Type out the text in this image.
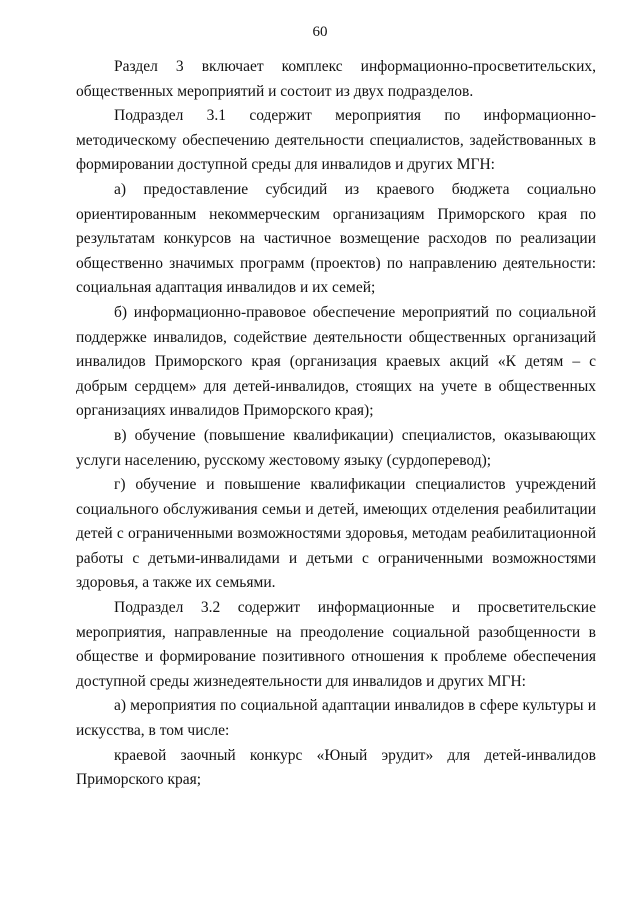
60

Раздел 3 включает комплекс информационно-просветительских, общественных мероприятий и состоит из двух подразделов.

Подраздел 3.1 содержит мероприятия по информационно-методическому обеспечению деятельности специалистов, задействованных в формировании доступной среды для инвалидов и других МГН:

а) предоставление субсидий из краевого бюджета социально ориентированным некоммерческим организациям Приморского края по результатам конкурсов на частичное возмещение расходов по реализации общественно значимых программ (проектов) по направлению деятельности: социальная адаптация инвалидов и их семей;

б) информационно-правовое обеспечение мероприятий по социальной поддержке инвалидов, содействие деятельности общественных организаций инвалидов Приморского края (организация краевых акций «К детям – с добрым сердцем» для детей-инвалидов, стоящих на учете в общественных организациях инвалидов Приморского края);

в) обучение (повышение квалификации) специалистов, оказывающих услуги населению, русскому жестовому языку (сурдоперевод);

г) обучение и повышение квалификации специалистов учреждений социального обслуживания семьи и детей, имеющих отделения реабилитации детей с ограниченными возможностями здоровья, методам реабилитационной работы с детьми-инвалидами и детьми с ограниченными возможностями здоровья, а также их семьями.

Подраздел 3.2 содержит информационные и просветительские мероприятия, направленные на преодоление социальной разобщенности в обществе и формирование позитивного отношения к проблеме обеспечения доступной среды жизнедеятельности для инвалидов и других МГН:

а) мероприятия по социальной адаптации инвалидов в сфере культуры и искусства, в том числе:

краевой заочный конкурс «Юный эрудит» для детей-инвалидов Приморского края;
